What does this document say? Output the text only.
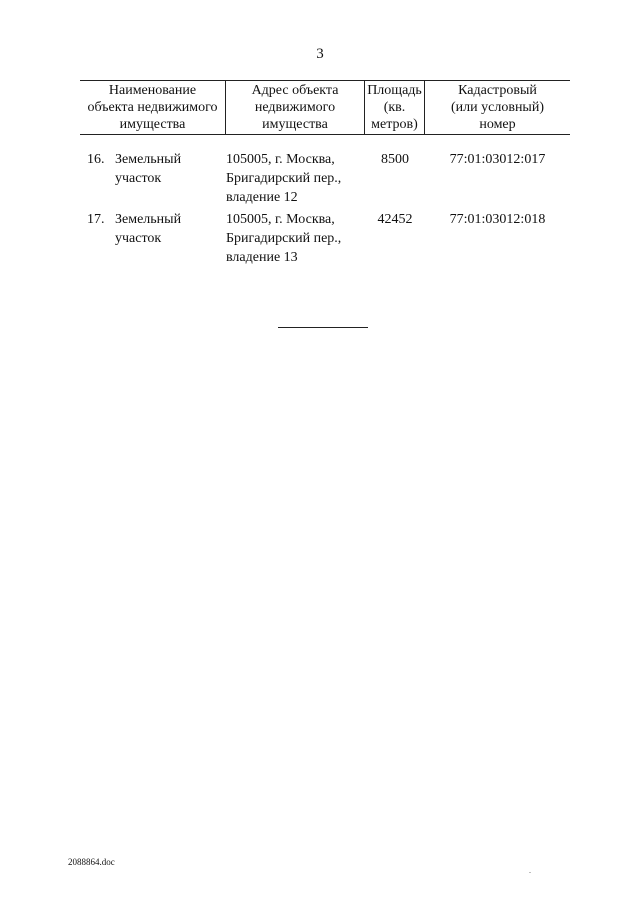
3
Наименование
объекта недвижимого
имущества
Адрес объекта
недвижимого
имущества
Площадь
(кв.
метров)
Кадастровый
(или условный)
номер
16. Земельный
участок
105005, г. Москва,
Бригадирский пер.,
владение 12
8500	77:01:03012:017
17. Земельный
участок
105005, г. Москва,
Бригадирский пер.,
владение 13
42452	77:01:03012:018
2088864.doc
.
